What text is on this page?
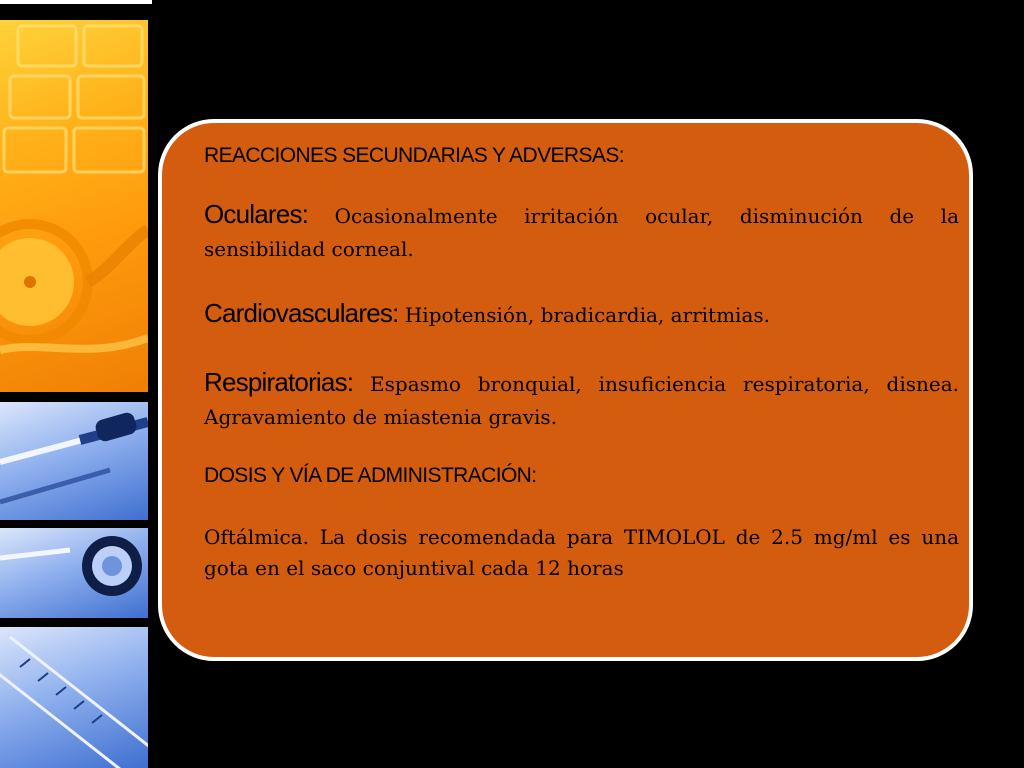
REACCIONES SECUNDARIAS Y ADVERSAS:

Oculares: Ocasionalmente irritación ocular, disminución de la sensibilidad corneal.

Cardiovasculares: Hipotensión, bradicardia, arritmias.

Respiratorias: Espasmo bronquial, insuficiencia respiratoria, disnea. Agravamiento de miastenia gravis.

DOSIS Y VÍA DE ADMINISTRACIÓN:

Oftálmica. La dosis recomendada para TIMOLOL de 2.5 mg/ml es una gota en el saco conjuntival cada 12 horas
